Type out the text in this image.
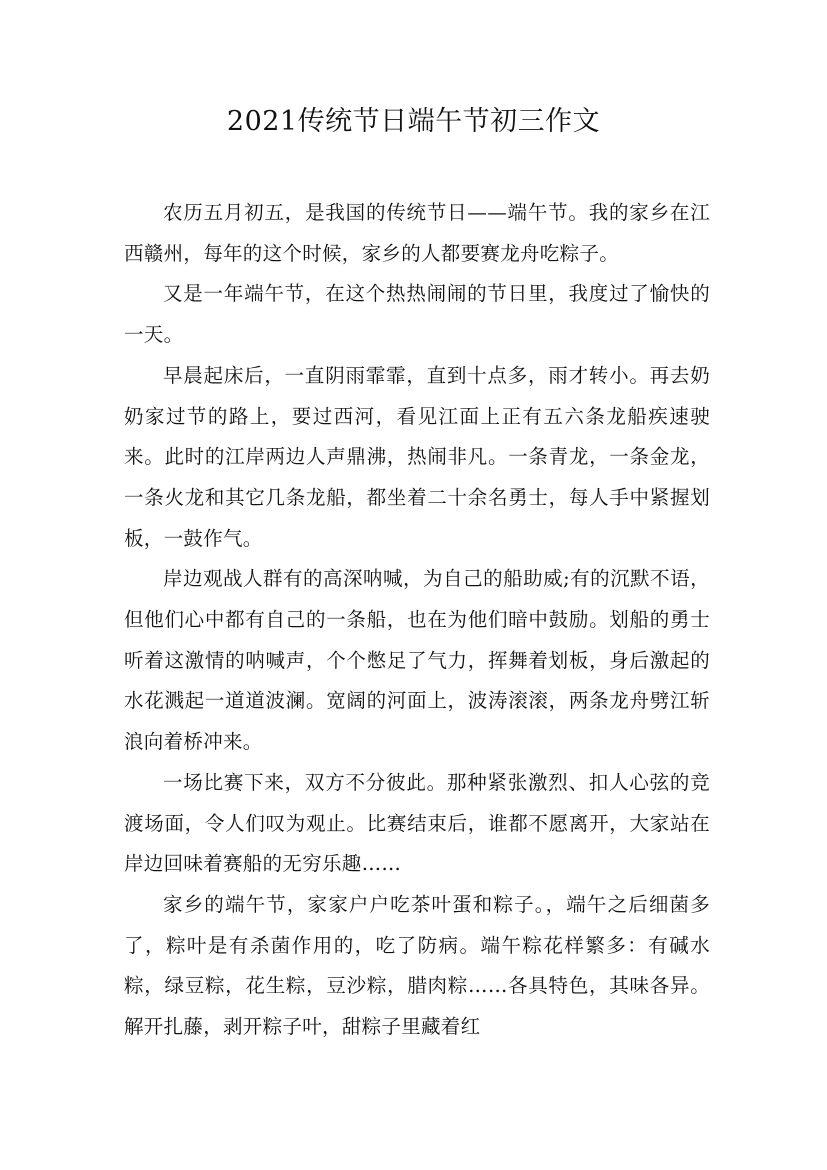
2021传统节日端午节初三作文

农历五月初五，是我国的传统节日——端午节。我的家乡在江西赣州，每年的这个时候，家乡的人都要赛龙舟吃粽子。

又是一年端午节，在这个热热闹闹的节日里，我度过了愉快的一天。

早晨起床后，一直阴雨霏霏，直到十点多，雨才转小。再去奶奶家过节的路上，要过西河，看见江面上正有五六条龙船疾速驶来。此时的江岸两边人声鼎沸，热闹非凡。一条青龙，一条金龙，一条火龙和其它几条龙船，都坐着二十余名勇士，每人手中紧握划板，一鼓作气。

岸边观战人群有的高深呐喊，为自己的船助威;有的沉默不语，但他们心中都有自己的一条船，也在为他们暗中鼓励。划船的勇士听着这激情的呐喊声，个个憋足了气力，挥舞着划板，身后激起的水花溅起一道道波澜。宽阔的河面上，波涛滚滚，两条龙舟劈江斩浪向着桥冲来。

一场比赛下来，双方不分彼此。那种紧张激烈、扣人心弦的竞渡场面，令人们叹为观止。比赛结束后，谁都不愿离开，大家站在岸边回味着赛船的无穷乐趣……

家乡的端午节，家家户户吃茶叶蛋和粽子。，端午之后细菌多了，粽叶是有杀菌作用的，吃了防病。端午粽花样繁多：有碱水粽，绿豆粽，花生粽，豆沙粽，腊肉粽……各具特色，其味各异。解开扎藤，剥开粽子叶，甜粽子里藏着红
